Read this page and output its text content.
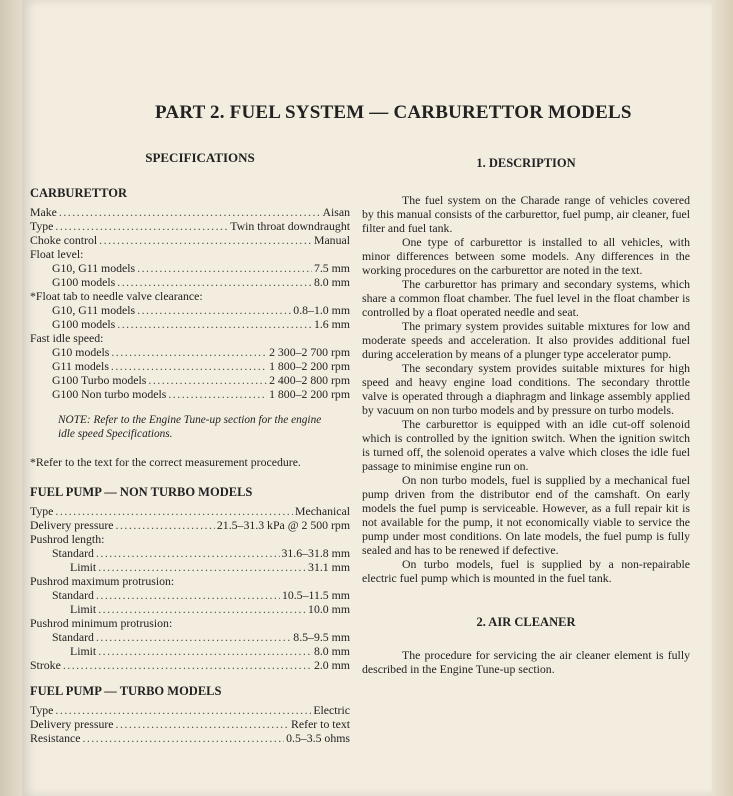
PART 2. FUEL SYSTEM — CARBURETTOR MODELS
SPECIFICATIONS
CARBURETTOR
Make .....	Aisan
Type .....	Twin throat downdraught
Choke control .....	Manual
Float level:
G10, G11 models .....	7.5 mm
G100 models .....	8.0 mm
*Float tab to needle valve clearance:
G10, G11 models .....	0.8–1.0 mm
G100 models .....	1.6 mm
Fast idle speed:
G10 models .....	2 300–2 700 rpm
G11 models .....	1 800–2 200 rpm
G100 Turbo models .....	2 400–2 800 rpm
G100 Non turbo models .....	1 800–2 200 rpm
NOTE: Refer to the Engine Tune-up section for the engine idle speed Specifications.
*Refer to the text for the correct measurement procedure.
FUEL PUMP — NON TURBO MODELS
Type .....	Mechanical
Delivery pressure .....	21.5–31.3 kPa @ 2 500 rpm
Pushrod length:
Standard .....	31.6–31.8 mm
Limit .....	31.1 mm
Pushrod maximum protrusion:
Standard .....	10.5–11.5 mm
Limit .....	10.0 mm
Pushrod minimum protrusion:
Standard .....	8.5–9.5 mm
Limit .....	8.0 mm
Stroke .....	2.0 mm
FUEL PUMP — TURBO MODELS
Type .....	Electric
Delivery pressure .....	Refer to text
Resistance .....	0.5–3.5 ohms
1. DESCRIPTION

The fuel system on the Charade range of vehicles covered by this manual consists of the carburettor, fuel pump, air cleaner, fuel filter and fuel tank.

One type of carburettor is installed to all vehicles, with minor differences between some models. Any differences in the working procedures on the carburettor are noted in the text.

The carburettor has primary and secondary systems, which share a common float chamber. The fuel level in the float chamber is controlled by a float operated needle and seat.

The primary system provides suitable mixtures for low and moderate speeds and acceleration. It also provides additional fuel during acceleration by means of a plunger type accelerator pump.

The secondary system provides suitable mixtures for high speed and heavy engine load conditions. The secondary throttle valve is operated through a diaphragm and linkage assembly applied by vacuum on non turbo models and by pressure on turbo models.

The carburettor is equipped with an idle cut-off solenoid which is controlled by the ignition switch. When the ignition switch is turned off, the solenoid operates a valve which closes the idle fuel passage to minimise engine run on.

On non turbo models, fuel is supplied by a mechanical fuel pump driven from the distributor end of the camshaft. On early models the fuel pump is serviceable. However, as a full repair kit is not available for the pump, it not economically viable to service the pump under most conditions. On late models, the fuel pump is fully sealed and has to be renewed if defective.

On turbo models, fuel is supplied by a non-repairable electric fuel pump which is mounted in the fuel tank.

2. AIR CLEANER

The procedure for servicing the air cleaner element is fully described in the Engine Tune-up section.
